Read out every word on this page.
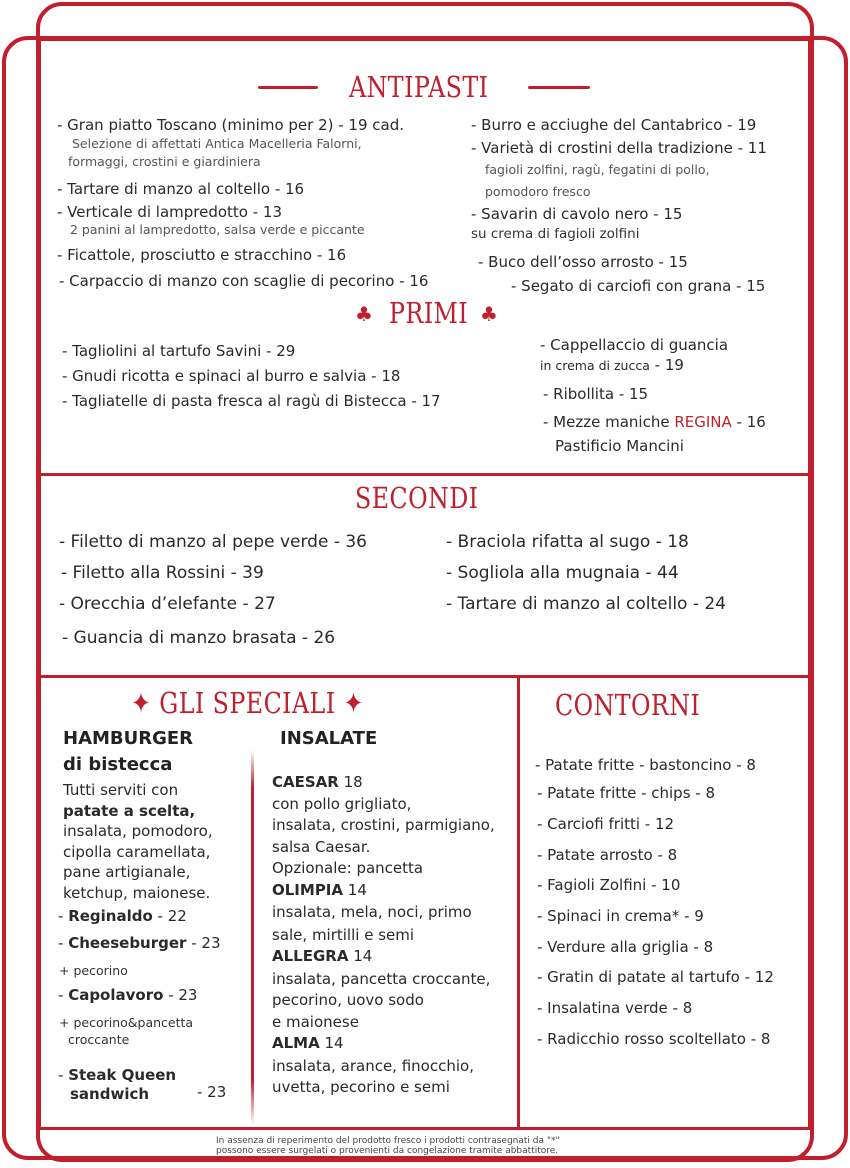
ANTIPASTI
- Gran piatto Toscano (minimo per 2) - 19 cad.
Selezione di affettati Antica Macelleria Falorni,
formaggi, crostini e giardiniera
- Tartare di manzo al coltello - 16
- Verticale di lampredotto - 13
2 panini al lampredotto, salsa verde e piccante
- Ficattole, prosciutto e stracchino - 16
- Carpaccio di manzo con scaglie di pecorino - 16
- Burro e acciughe del Cantabrico - 19
- Varietà di crostini della tradizione - 11
fagioli zolfini, ragù, fegatini di pollo,
pomodoro fresco
- Savarin di cavolo nero - 15
su crema di fagioli zolfini
- Buco dell’osso arrosto - 15
- Segato di carciofi con grana - 15
♣ PRIMI ♣
- Tagliolini al tartufo Savini - 29
- Gnudi ricotta e spinaci al burro e salvia - 18
- Tagliatelle di pasta fresca al ragù di Bistecca - 17
- Cappellaccio di guancia
in crema di zucca - 19
- Ribollita - 15
- Mezze maniche REGINA - 16
Pastificio Mancini
SECONDI
- Filetto di manzo al pepe verde - 36
- Filetto alla Rossini - 39
- Orecchia d’elefante - 27
- Guancia di manzo brasata - 26
- Braciola rifatta al sugo - 18
- Sogliola alla mugnaia - 44
- Tartare di manzo al coltello - 24
✦ GLI SPECIALI ✦
HAMBURGER
di bistecca
Tutti serviti con
patate a scelta,
insalata, pomodoro,
cipolla caramellata,
pane artigianale,
ketchup, maionese.
- Reginaldo - 22
- Cheeseburger - 23
+ pecorino
- Capolavoro - 23
+ pecorino&pancetta
croccante
- Steak Queen
sandwich	- 23
INSALATE
CAESAR 18
con pollo grigliato,
insalata, crostini, parmigiano,
salsa Caesar.
Opzionale: pancetta
OLIMPIA 14
insalata, mela, noci, primo
sale, mirtilli e semi
ALLEGRA 14
insalata, pancetta croccante,
pecorino, uovo sodo
e maionese
ALMA 14
insalata, arance, finocchio,
uvetta, pecorino e semi
CONTORNI
- Patate fritte - bastoncino - 8
- Patate fritte - chips - 8
- Carciofi fritti - 12
- Patate arrosto - 8
- Fagioli Zolfini - 10
- Spinaci in crema* - 9
- Verdure alla griglia - 8
- Gratin di patate al tartufo - 12
- Insalatina verde - 8
- Radicchio rosso scoltellato - 8
In assenza di reperimento del prodotto fresco i prodotti contrasegnati da "*"
possono essere surgelati o provenienti da congelazione tramite abbattitore.
